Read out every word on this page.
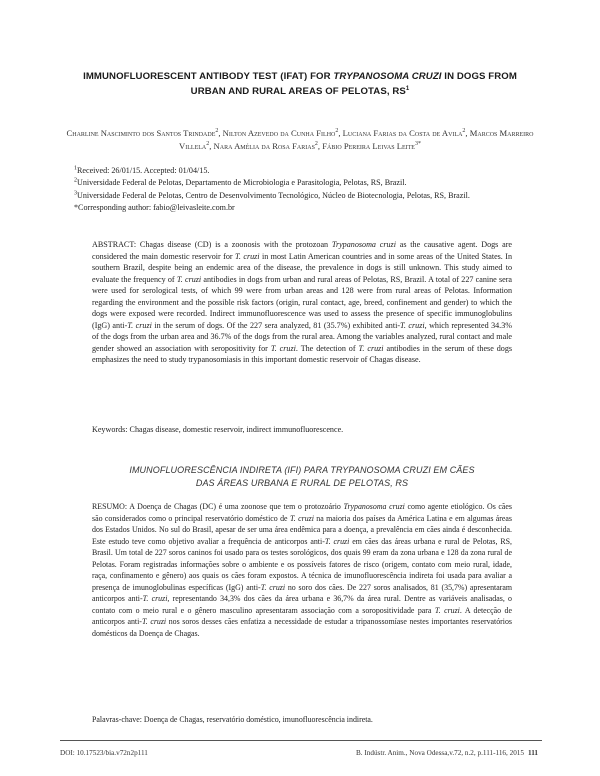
IMMUNOFLUORESCENT ANTIBODY TEST (IFAT) FOR TRYPANOSOMA CRUZI IN DOGS FROM
URBAN AND RURAL AREAS OF PELOTAS, $RS^1$
Charline Nasciminto dos Santos Trindade$^2$, Nilton Azevedo da Cunha Filho$^2$, Luciana Farias da Costa de Avila$^2$, Marcos Marreiro Villela$^2$, Nara Amélia da Rosa Farias$^2$, Fábio Pereira Leivas Leite$^{3*}$
$^1$Received: 26/01/15. Accepted: 01/04/15.
$^2$Universidade Federal de Pelotas, Departamento de Microbiologia e Parasitologia, Pelotas, RS, Brazil.
$^3$Universidade Federal de Pelotas, Centro de Desenvolvimento Tecnológico, Núcleo de Biotecnologia, Pelotas, RS, Brazil.
*Corresponding author: fabio@leivasleite.com.br
ABSTRACT: Chagas disease (CD) is a zoonosis with the protozoan Trypanosoma cruzi as the causative agent. Dogs are considered the main domestic reservoir for T. cruzi in most Latin American countries and in some areas of the United States. In southern Brazil, despite being an endemic area of the disease, the prevalence in dogs is still unknown. This study aimed to evaluate the frequency of T. cruzi antibodies in dogs from urban and rural areas of Pelotas, RS, Brazil. A total of 227 canine sera were used for serological tests, of which 99 were from urban areas and 128 were from rural areas of Pelotas. Information regarding the environment and the possible risk factors (origin, rural contact, age, breed, confinement and gender) to which the dogs were exposed were recorded. Indirect immunofluorescence was used to assess the presence of specific immunoglobulins (IgG) anti-T. cruzi in the serum of dogs. Of the 227 sera analyzed, 81 (35.7%) exhibited anti-T. cruzi, which represented 34.3% of the dogs from the urban area and 36.7% of the dogs from the rural area. Among the variables analyzed, rural contact and male gender showed an association with seropositivity for T. cruzi. The detection of T. cruzi antibodies in the serum of these dogs emphasizes the need to study trypanosomiasis in this important domestic reservoir of Chagas disease.
Keywords: Chagas disease, domestic reservoir, indirect immunofluorescence.
IMUNOFLUORESCÊNCIA INDIRETA (IFI) PARA TRYPANOSOMA CRUZI EM CÃES
DAS ÁREAS URBANA E RURAL DE PELOTAS, RS
RESUMO: A Doença de Chagas (DC) é uma zoonose que tem o protozoário Trypanosoma cruzi como agente etiológico. Os cães são considerados como o principal reservatório doméstico de T. cruzi na maioria dos países da América Latina e em algumas áreas dos Estados Unidos. No sul do Brasil, apesar de ser uma área endêmica para a doença, a prevalência em cães ainda é desconhecida. Este estudo teve como objetivo avaliar a frequência de anticorpos anti-T. cruzi em cães das áreas urbana e rural de Pelotas, RS, Brasil. Um total de 227 soros caninos foi usado para os testes sorológicos, dos quais 99 eram da zona urbana e 128 da zona rural de Pelotas. Foram registradas informações sobre o ambiente e os possíveis fatores de risco (origem, contato com meio rural, idade, raça, confinamento e gênero) aos quais os cães foram expostos. A técnica de imunofluorescência indireta foi usada para avaliar a presença de imunoglobulinas específicas (IgG) anti-T. cruzi no soro dos cães. De 227 soros analisados, 81 (35,7%) apresentaram anticorpos anti-T. cruzi, representando 34,3% dos cães da área urbana e 36,7% da área rural. Dentre as variáveis analisadas, o contato com o meio rural e o gênero masculino apresentaram associação com a soropositividade para T. cruzi. A detecção de anticorpos anti-T. cruzi nos soros desses cães enfatiza a necessidade de estudar a tripanossomíase nestes importantes reservatórios domésticos da Doença de Chagas.
Palavras-chave: Doença de Chagas, reservatório doméstico, imunofluorescência indireta.
DOI: 10.17523/bia.v72n2p111	B. Indústr. Anim., Nova Odessa,v.72, n.2, p.111-116, 2015 111
